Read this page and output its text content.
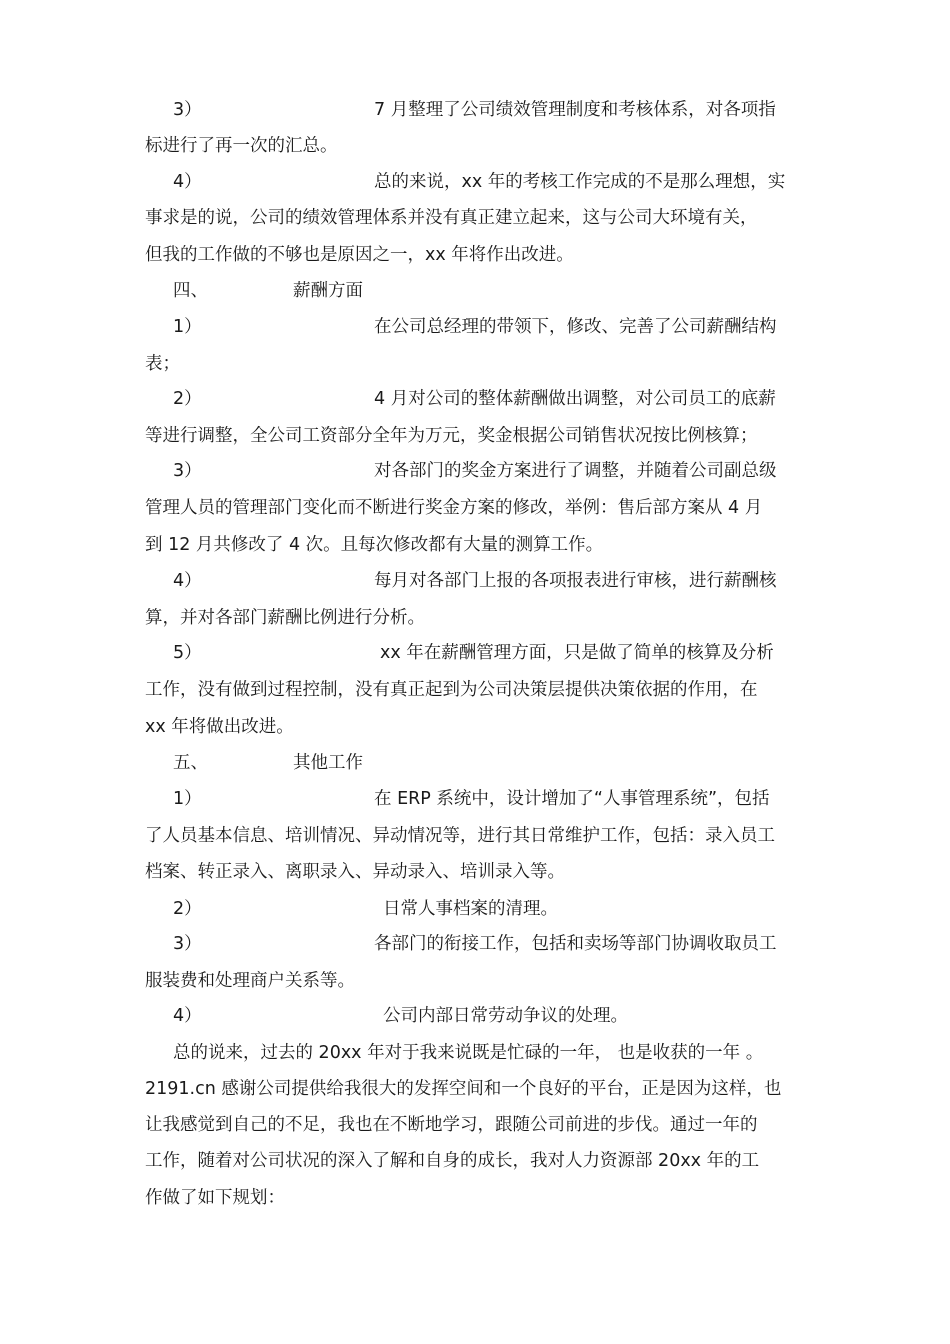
3）	7 月整理了公司绩效管理制度和考核体系，对各项指
标进行了再一次的汇总。
4）	总的来说，xx 年的考核工作完成的不是那么理想，实
事求是的说，公司的绩效管理体系并没有真正建立起来，这与公司大环境有关，
但我的工作做的不够也是原因之一，xx 年将作出改进。
四、	薪酬方面
1）	在公司总经理的带领下，修改、完善了公司薪酬结构
表；
2）	4 月对公司的整体薪酬做出调整，对公司员工的底薪
等进行调整，全公司工资部分全年为万元，奖金根据公司销售状况按比例核算；
3）	对各部门的奖金方案进行了调整，并随着公司副总级
管理人员的管理部门变化而不断进行奖金方案的修改，举例：售后部方案从 4 月
到 12 月共修改了 4 次。且每次修改都有大量的测算工作。
4）	每月对各部门上报的各项报表进行审核，进行薪酬核
算，并对各部门薪酬比例进行分析。
5）	xx 年在薪酬管理方面，只是做了简单的核算及分析
工作，没有做到过程控制，没有真正起到为公司决策层提供决策依据的作用，在
xx 年将做出改进。
五、	其他工作
1）	在 ERP 系统中，设计增加了“人事管理系统”，包括
了人员基本信息、培训情况、异动情况等，进行其日常维护工作，包括：录入员工
档案、转正录入、离职录入、异动录入、培训录入等。
2）	日常人事档案的清理。
3）	各部门的衔接工作，包括和卖场等部门协调收取员工
服装费和处理商户关系等。
4）	公司内部日常劳动争议的处理。
总的说来，过去的 20xx 年对于我来说既是忙碌的一年， 也是收获的一年 。
2191.cn 感谢公司提供给我很大的发挥空间和一个良好的平台，正是因为这样，也
让我感觉到自己的不足，我也在不断地学习，跟随公司前进的步伐。通过一年的
工作，随着对公司状况的深入了解和自身的成长，我对人力资源部 20xx 年的工
作做了如下规划：
